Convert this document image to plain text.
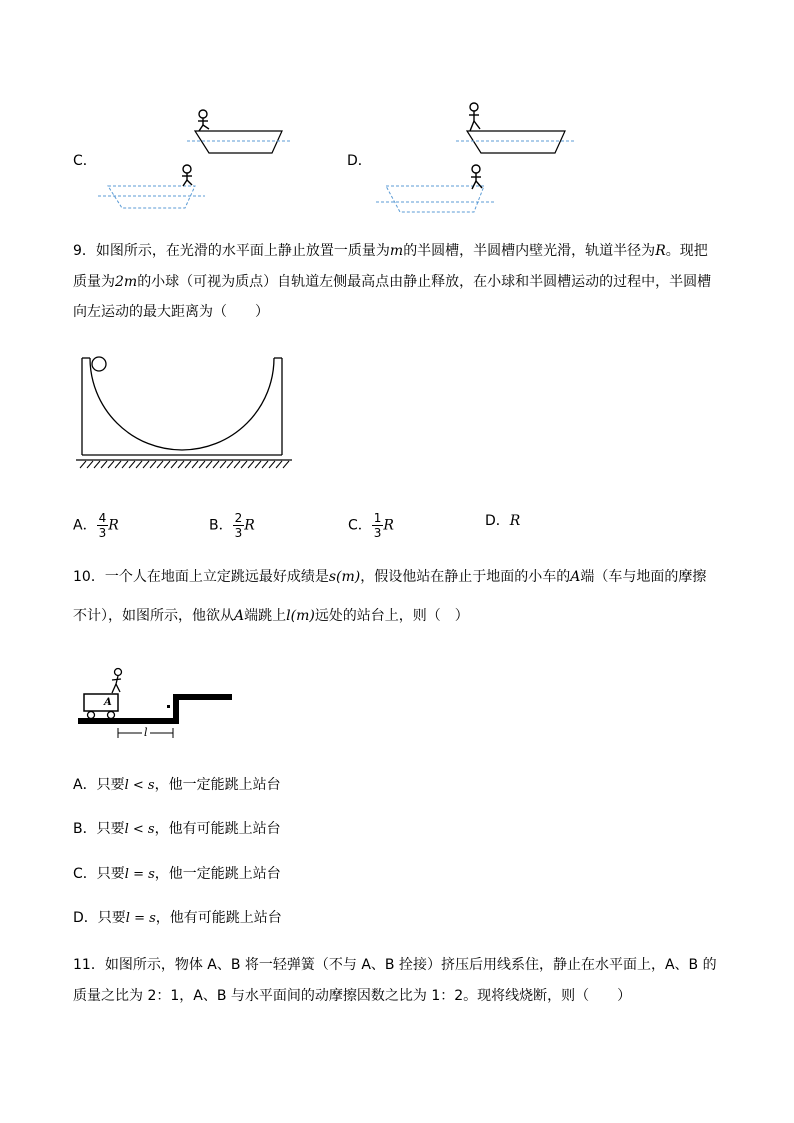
C．	D．
9．如图所示，在光滑的水平面上静止放置一质量为m的半圆槽，半圆槽内壁光滑，轨道半径为R。现把
质量为2m的小球（可视为质点）自轨道左侧最高点由静止释放，在小球和半圆槽运动的过程中，半圆槽
向左运动的最大距离为（　　）
A． $\frac{4}{3}$ R	B． $\frac{2}{3}$ R	C． $\frac{1}{3}$ R	D．R
10．一个人在地面上立定跳远最好成绩是s(m)，假设他站在静止于地面的小车的A端（车与地面的摩擦
不计），如图所示，他欲从A端跳上l(m)远处的站台上，则（　）
A
l
A．只要l < s，他一定能跳上站台
B．只要l < s，他有可能跳上站台
C．只要l = s，他一定能跳上站台
D．只要l = s，他有可能跳上站台
11．如图所示，物体 A、B 将一轻弹簧（不与 A、B 拴接）挤压后用线系住，静止在水平面上，A、B 的
质量之比为 2：1，A、B 与水平面间的动摩擦因数之比为 1：2。现将线烧断，则（　　）
